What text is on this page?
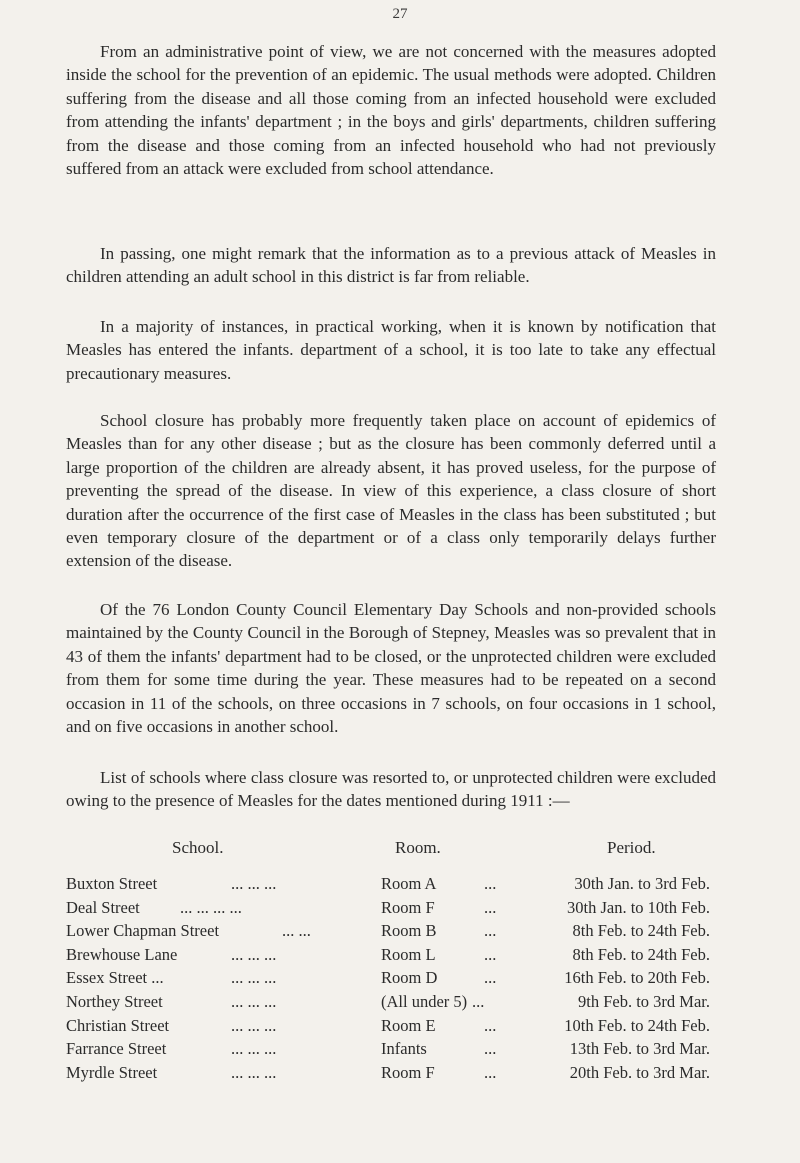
27

From an administrative point of view, we are not concerned with the measures adopted inside the school for the prevention of an epidemic. The usual methods were adopted. Children suffering from the disease and all those coming from an infected household were excluded from attending the infants' department ; in the boys and girls' departments, children suffering from the disease and those coming from an infected household who had not previously suffered from an attack were excluded from school attendance.

In passing, one might remark that the information as to a previous attack of Measles in children attending an adult school in this district is far from reliable.

In a majority of instances, in practical working, when it is known by notification that Measles has entered the infants. department of a school, it is too late to take any effectual precautionary measures.

School closure has probably more frequently taken place on account of epidemics of Measles than for any other disease ; but as the closure has been commonly deferred until a large proportion of the children are already absent, it has proved useless, for the purpose of preventing the spread of the disease. In view of this experience, a class closure of short duration after the occurrence of the first case of Measles in the class has been substituted ; but even temporary closure of the department or of a class only temporarily delays further extension of the disease.

Of the 76 London County Council Elementary Day Schools and non-provided schools maintained by the County Council in the Borough of Stepney, Measles was so prevalent that in 43 of them the infants' department had to be closed, or the unprotected children were excluded from them for some time during the year. These measures had to be repeated on a second occasion in 11 of the schools, on three occasions in 7 schools, on four occasions in 1 school, and on five occasions in another school.

List of schools where class closure was resorted to, or unprotected children were excluded owing to the presence of Measles for the dates mentioned during 1911 :—

School.	Room.	Period.
Buxton Street	... ... ...	Room A	...	30th Jan. to 3rd Feb.
Deal Street ... ... ... ...	Room F	...	30th Jan. to 10th Feb.
Lower Chapman Street	... ...	Room B	...	8th Feb. to 24th Feb.
Brewhouse Lane	... ... ...	Room L	...	8th Feb. to 24th Feb.
Essex Street ...	... ... ...	Room D	...	16th Feb. to 20th Feb.
Northey Street	... ... ...	(All under 5) ...	9th Feb. to 3rd Mar.
Christian Street	... ... ...	Room E	...	10th Feb. to 24th Feb.
Farrance Street	... ... ...	Infants	...	13th Feb. to 3rd Mar.
Myrdle Street	... ... ...	Room F	...	20th Feb. to 3rd Mar.
